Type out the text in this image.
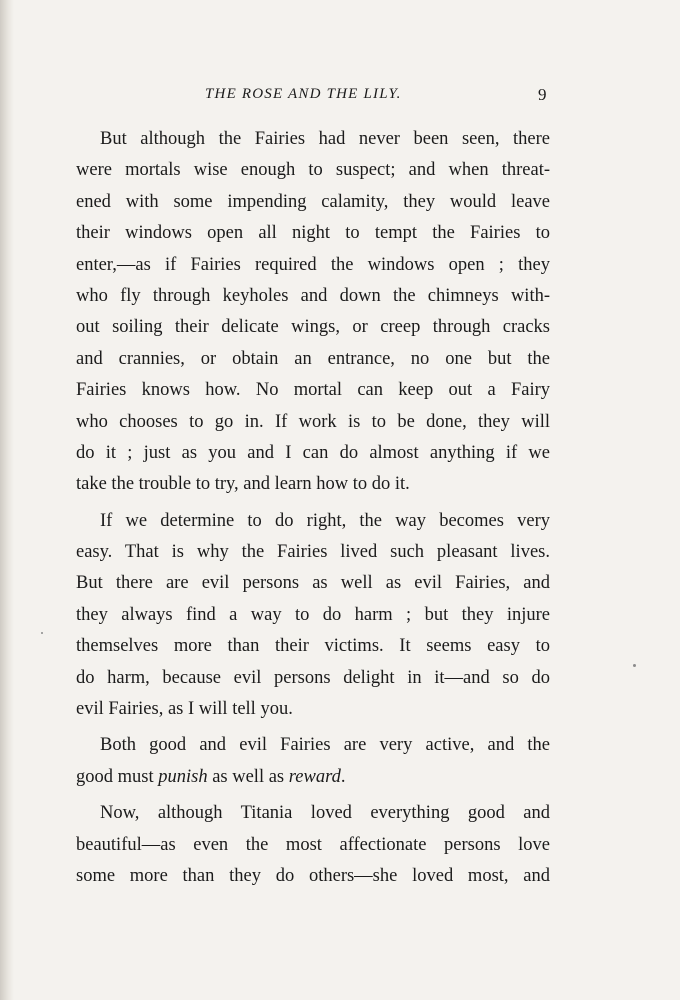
THE ROSE AND THE LILY.	9
But although the Fairies had never been seen, there
were mortals wise enough to suspect; and when threat-
ened with some impending calamity, they would leave
their windows open all night to tempt the Fairies to
enter,—as if Fairies required the windows open ; they
who fly through keyholes and down the chimneys with-
out soiling their delicate wings, or creep through cracks
and crannies, or obtain an entrance, no one but the
Fairies knows how. No mortal can keep out a Fairy
who chooses to go in. If work is to be done, they will
do it ; just as you and I can do almost anything if we
take the trouble to try, and learn how to do it.
If we determine to do right, the way becomes very
easy. That is why the Fairies lived such pleasant lives.
But there are evil persons as well as evil Fairies, and
they always find a way to do harm ; but they injure
themselves more than their victims. It seems easy to
do harm, because evil persons delight in it—and so do
evil Fairies, as I will tell you.
Both good and evil Fairies are very active, and the
good must punish as well as reward.
Now, although Titania loved everything good and
beautiful—as even the most affectionate persons love
some more than they do others—she loved most, and
